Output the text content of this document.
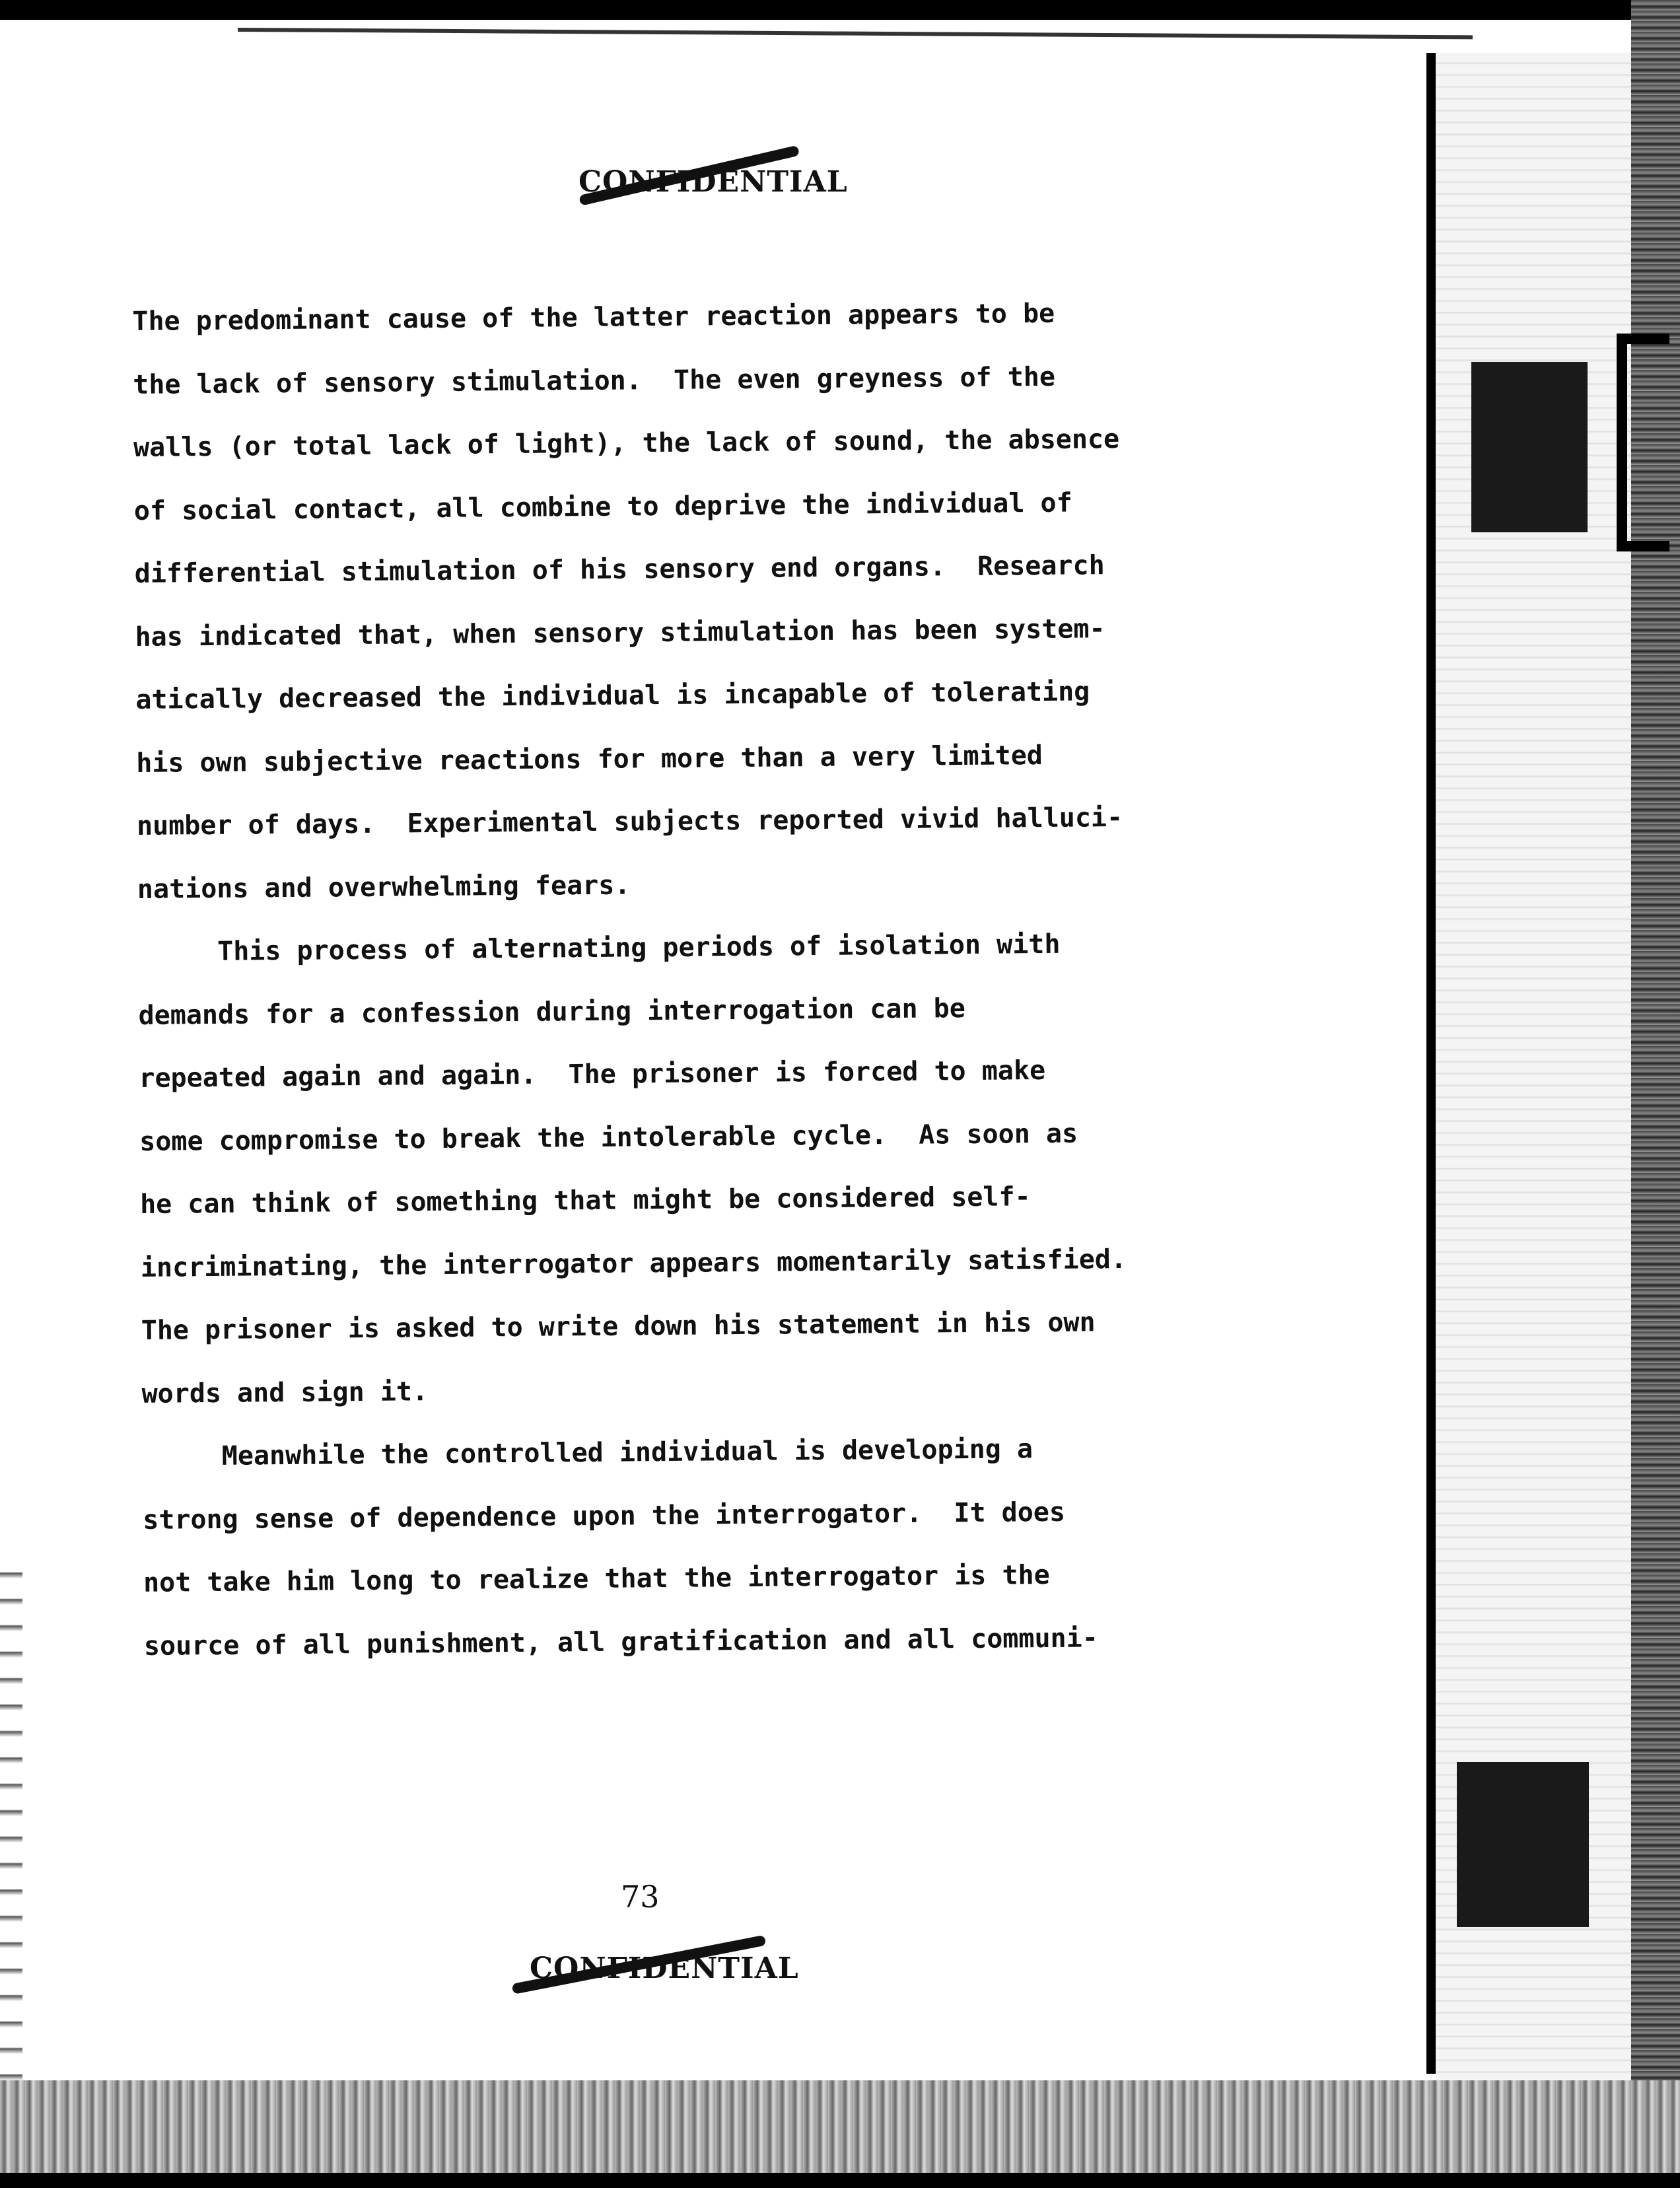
CONFIDENTIAL
The predominant cause of the latter reaction appears to be
the lack of sensory stimulation.  The even greyness of the
walls (or total lack of light), the lack of sound, the absence
of social contact, all combine to deprive the individual of
differential stimulation of his sensory end organs.  Research
has indicated that, when sensory stimulation has been system-
atically decreased the individual is incapable of tolerating
his own subjective reactions for more than a very limited
number of days.  Experimental subjects reported vivid halluci-
nations and overwhelming fears.
This process of alternating periods of isolation with
demands for a confession during interrogation can be
repeated again and again.  The prisoner is forced to make
some compromise to break the intolerable cycle.  As soon as
he can think of something that might be considered self-
incriminating, the interrogator appears momentarily satisfied.
The prisoner is asked to write down his statement in his own
words and sign it.
Meanwhile the controlled individual is developing a
strong sense of dependence upon the interrogator.  It does
not take him long to realize that the interrogator is the
source of all punishment, all gratification and all communi-
73
CONFIDENTIAL
